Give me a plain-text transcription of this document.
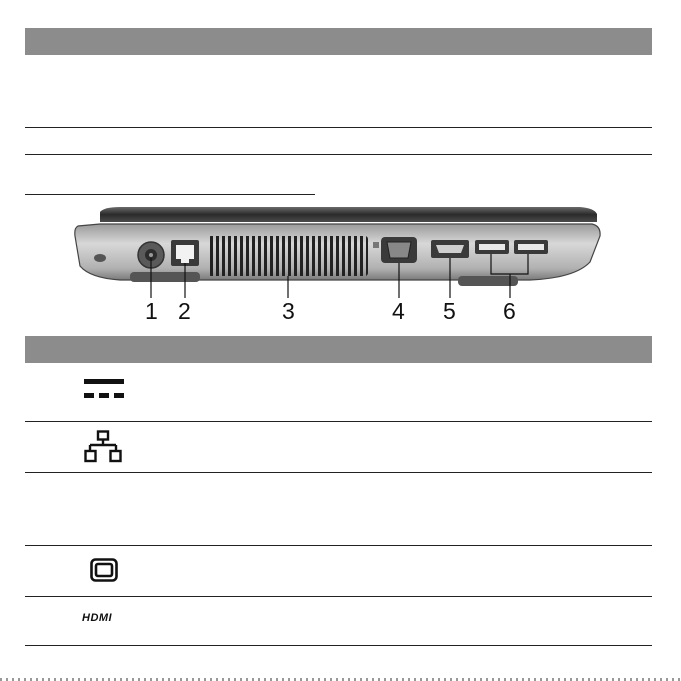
1 2	3	4 5 6
HDMI
